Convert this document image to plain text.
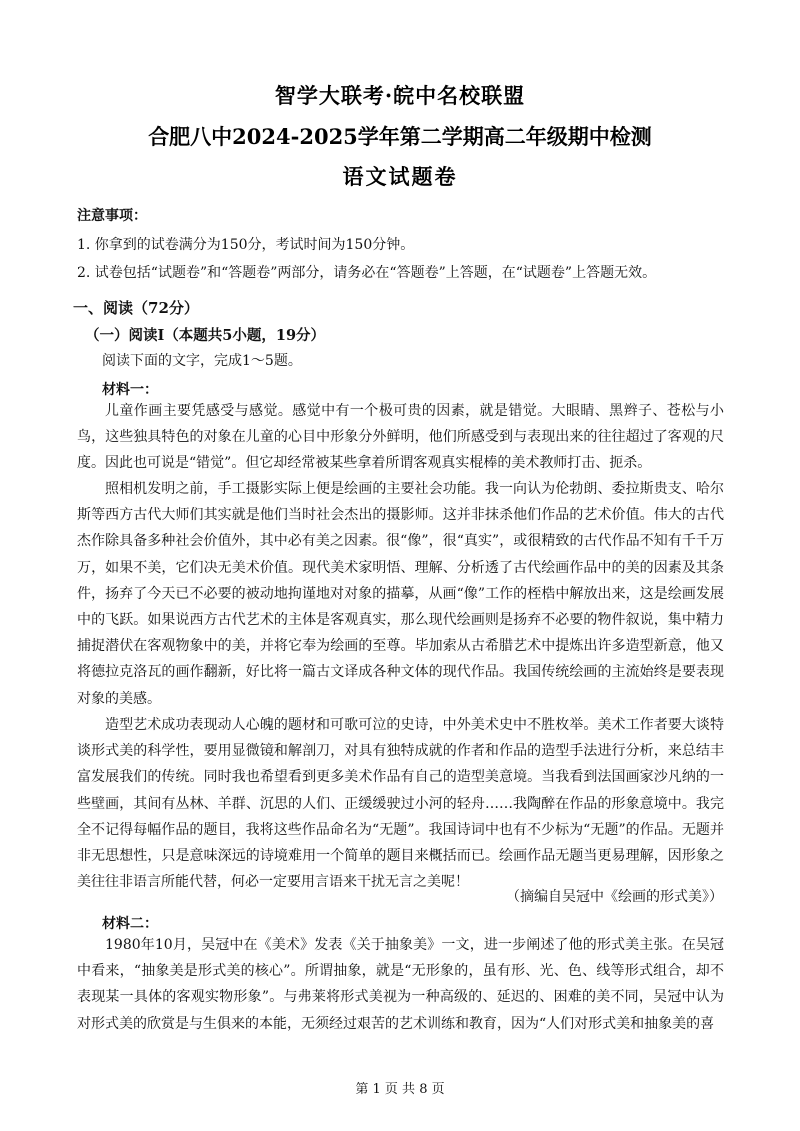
智学大联考·皖中名校联盟
合肥八中2024-2025学年第二学期高二年级期中检测
语文试题卷
注意事项：
1. 你拿到的试卷满分为150分，考试时间为150分钟。
2. 试卷包括“试题卷”和“答题卷”两部分，请务必在“答题卷”上答题，在“试题卷”上答题无效。
一、阅读（72分）
（一）阅读Ⅰ（本题共5小题，19分）
阅读下面的文字，完成1～5题。
材料一：

儿童作画主要凭感受与感觉。感觉中有一个极可贵的因素，就是错觉。大眼睛、黑辫子、苍松与小鸟，这些独具特色的对象在儿童的心目中形象分外鲜明，他们所感受到与表现出来的往往超过了客观的尺度。因此也可说是“错觉”。但它却经常被某些拿着所谓客观真实棍棒的美术教师打击、扼杀。

照相机发明之前，手工摄影实际上便是绘画的主要社会功能。我一向认为伦勃朗、委拉斯贵支、哈尔斯等西方古代大师们其实就是他们当时社会杰出的摄影师。这并非抹杀他们作品的艺术价值。伟大的古代杰作除具备多种社会价值外，其中必有美之因素。很“像”，很“真实”，或很精致的古代作品不知有千千万万，如果不美，它们决无美术价值。现代美术家明悟、理解、分析透了古代绘画作品中的美的因素及其条件，扬弃了今天已不必要的被动地拘谨地对对象的描摹，从画“像”工作的桎梏中解放出来，这是绘画发展中的飞跃。如果说西方古代艺术的主体是客观真实，那么现代绘画则是扬弃不必要的物件叙说，集中精力捕捉潜伏在客观物象中的美，并将它奉为绘画的至尊。毕加索从古希腊艺术中提炼出许多造型新意，他又将德拉克洛瓦的画作翻新，好比将一篇古文译成各种文体的现代作品。我国传统绘画的主流始终是要表现对象的美感。

造型艺术成功表现动人心魄的题材和可歌可泣的史诗，中外美术史中不胜枚举。美术工作者要大谈特谈形式美的科学性，要用显微镜和解剖刀，对具有独特成就的作者和作品的造型手法进行分析，来总结丰富发展我们的传统。同时我也希望看到更多美术作品有自己的造型美意境。当我看到法国画家沙凡纳的一些壁画，其间有丛林、羊群、沉思的人们、正缓缓驶过小河的轻舟……我陶醉在作品的形象意境中。我完全不记得每幅作品的题目，我将这些作品命名为“无题”。我国诗词中也有不少标为“无题”的作品。无题并非无思想性，只是意味深远的诗境难用一个简单的题目来概括而已。绘画作品无题当更易理解，因形象之美往往非语言所能代替，何必一定要用言语来干扰无言之美呢！

（摘编自吴冠中《绘画的形式美》）
材料二：

1980年10月，吴冠中在《美术》发表《关于抽象美》一文，进一步阐述了他的形式美主张。在吴冠中看来，“抽象美是形式美的核心”。所谓抽象，就是“无形象的，虽有形、光、色、线等形式组合，却不表现某一具体的客观实物形象”。与弗莱将形式美视为一种高级的、延迟的、困难的美不同，吴冠中认为对形式美的欣赏是与生俱来的本能，无须经过艰苦的艺术训练和教育，因为“人们对形式美和抽象美的喜

第 1 页 共 8 页
